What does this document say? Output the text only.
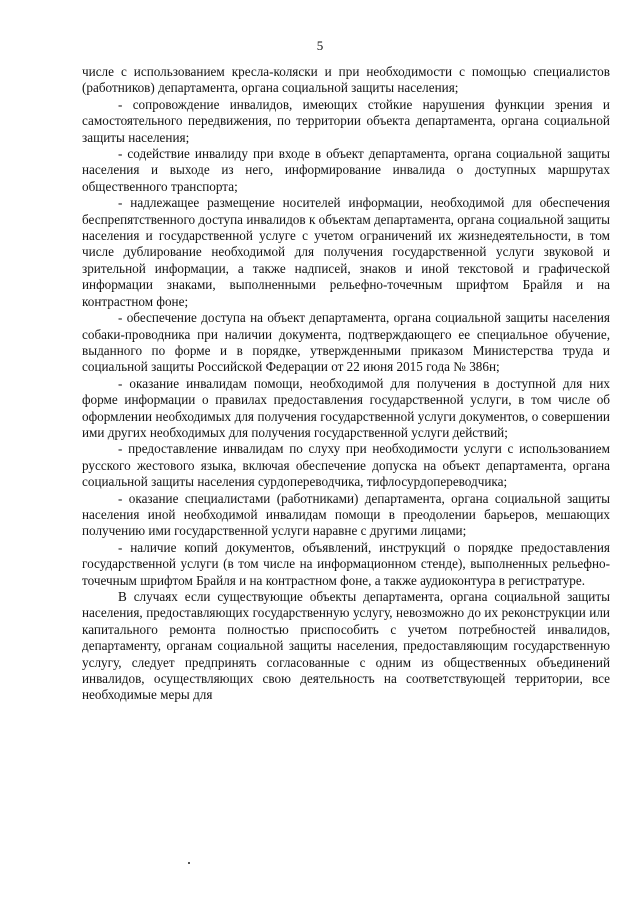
5

числе с использованием кресла-коляски и при необходимости с помощью специалистов (работников) департамента, органа социальной защиты населения;

- сопровождение инвалидов, имеющих стойкие нарушения функции зрения и самостоятельного передвижения, по территории объекта департамента, органа социальной защиты населения;

- содействие инвалиду при входе в объект департамента, органа социальной защиты населения и выходе из него, информирование инвалида о доступных маршрутах общественного транспорта;

- надлежащее размещение носителей информации, необходимой для обеспечения беспрепятственного доступа инвалидов к объектам департамента, органа социальной защиты населения и государственной услуге с учетом ограничений их жизнедеятельности, в том числе дублирование необходимой для получения государственной услуги звуковой и зрительной информации, а также надписей, знаков и иной текстовой и графической информации знаками, выполненными рельефно-точечным шрифтом Брайля и на контрастном фоне;

- обеспечение доступа на объект департамента, органа социальной защиты населения собаки-проводника при наличии документа, подтверждающего ее специальное обучение, выданного по форме и в порядке, утвержденными приказом Министерства труда и социальной защиты Российской Федерации от 22 июня 2015 года № 386н;

- оказание инвалидам помощи, необходимой для получения в доступной для них форме информации о правилах предоставления государственной услуги, в том числе об оформлении необходимых для получения государственной услуги документов, о совершении ими других необходимых для получения государственной услуги действий;

- предоставление инвалидам по слуху при необходимости услуги с использованием русского жестового языка, включая обеспечение допуска на объект департамента, органа социальной защиты населения сурдопереводчика, тифлосурдопереводчика;

- оказание специалистами (работниками) департамента, органа социальной защиты населения иной необходимой инвалидам помощи в преодолении барьеров, мешающих получению ими государственной услуги наравне с другими лицами;

- наличие копий документов, объявлений, инструкций о порядке предоставления государственной услуги (в том числе на информационном стенде), выполненных рельефно-точечным шрифтом Брайля и на контрастном фоне, а также аудиоконтура в регистратуре.

В случаях если существующие объекты департамента, органа социальной защиты населения, предоставляющих государственную услугу, невозможно до их реконструкции или капитального ремонта полностью приспособить с учетом потребностей инвалидов, департаменту, органам социальной защиты населения, предоставляющим государственную услугу, следует предпринять согласованные с одним из общественных объединений инвалидов, осуществляющих свою деятельность на соответствующей территории, все необходимые меры для
